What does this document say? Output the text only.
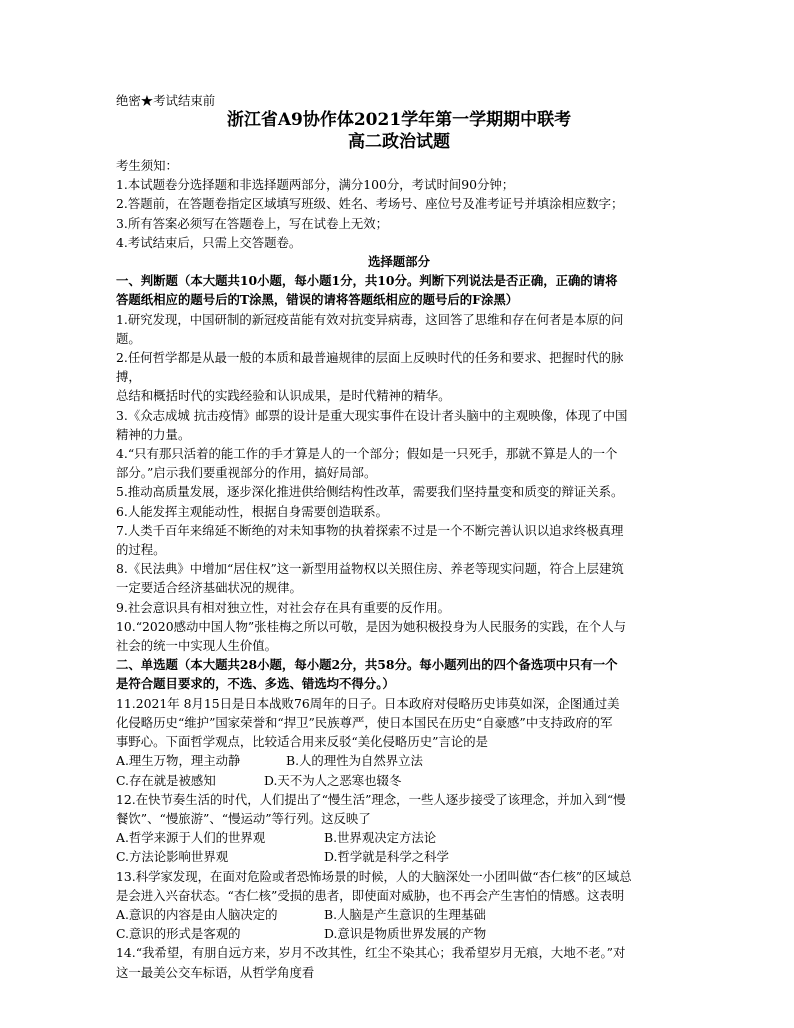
绝密★考试结束前
浙江省A9协作体2021学年第一学期期中联考
高二政治试题
考生须知：
1.本试题卷分选择题和非选择题两部分，满分100分，考试时间90分钟；
2.答题前，在答题卷指定区域填写班级、姓名、考场号、座位号及准考证号并填涂相应数字；
3.所有答案必须写在答题卷上，写在试卷上无效；
4.考试结束后，只需上交答题卷。
选择题部分
一、判断题（本大题共10小题，每小题1分，共10分。判断下列说法是否正确，正确的请将
答题纸相应的题号后的T涂黑，错误的请将答题纸相应的题号后的F涂黑）
1.研究发现，中国研制的新冠疫苗能有效对抗变异病毒，这回答了思维和存在何者是本原的问
题。
2.任何哲学都是从最一般的本质和最普遍规律的层面上反映时代的任务和要求、把握时代的脉
搏，
总结和概括时代的实践经验和认识成果，是时代精神的精华。
3.《众志成城 抗击疫情》邮票的设计是重大现实事件在设计者头脑中的主观映像，体现了中国
精神的力量。
4.“只有那只活着的能工作的手才算是人的一个部分；假如是一只死手，那就不算是人的一个
部分。”启示我们要重视部分的作用，搞好局部。
5.推动高质量发展，逐步深化推进供给侧结构性改革，需要我们坚持量变和质变的辩证关系。
6.人能发挥主观能动性，根据自身需要创造联系。
7.人类千百年来绵延不断绝的对未知事物的执着探索不过是一个不断完善认识以追求终极真理
的过程。
8.《民法典》中增加“居住权”这一新型用益物权以关照住房、养老等现实问题，符合上层建筑
一定要适合经济基础状况的规律。
9.社会意识具有相对独立性，对社会存在具有重要的反作用。
10.“2020感动中国人物”张桂梅之所以可敬，是因为她积极投身为人民服务的实践，在个人与
社会的统一中实现人生价值。
二、单选题（本大题共28小题，每小题2分，共58分。每小题列出的四个备选项中只有一个
是符合题目要求的，不选、多选、错选均不得分。）
11.2021年 8月15日是日本战败76周年的日子。日本政府对侵略历史讳莫如深，企图通过美
化侵略历史“维护”国家荣誉和“捍卫”民族尊严，使日本国民在历史“自豪感”中支持政府的军
事野心。下面哲学观点，比较适合用来反驳“美化侵略历史”言论的是
A.理生万物，理主动静	B.人的理性为自然界立法
C.存在就是被感知	D.天不为人之恶寒也辍冬
12.在快节奏生活的时代，人们提出了“慢生活”理念，一些人逐步接受了该理念，并加入到“慢
餐饮”、“慢旅游”、“慢运动”等行列。这反映了
A.哲学来源于人们的世界观	B.世界观决定方法论
C.方法论影响世界观	D.哲学就是科学之科学
13.科学家发现，在面对危险或者恐怖场景的时候，人的大脑深处一小团叫做“杏仁核”的区域总
是会进入兴奋状态。“杏仁核”受损的患者，即使面对威胁，也不再会产生害怕的情感。这表明
A.意识的内容是由人脑决定的	B.人脑是产生意识的生理基础
C.意识的形式是客观的	D.意识是物质世界发展的产物
14.“我希望，有朋自远方来，岁月不改其性，红尘不染其心；我希望岁月无痕，大地不老。”对
这一最美公交车标语，从哲学角度看
